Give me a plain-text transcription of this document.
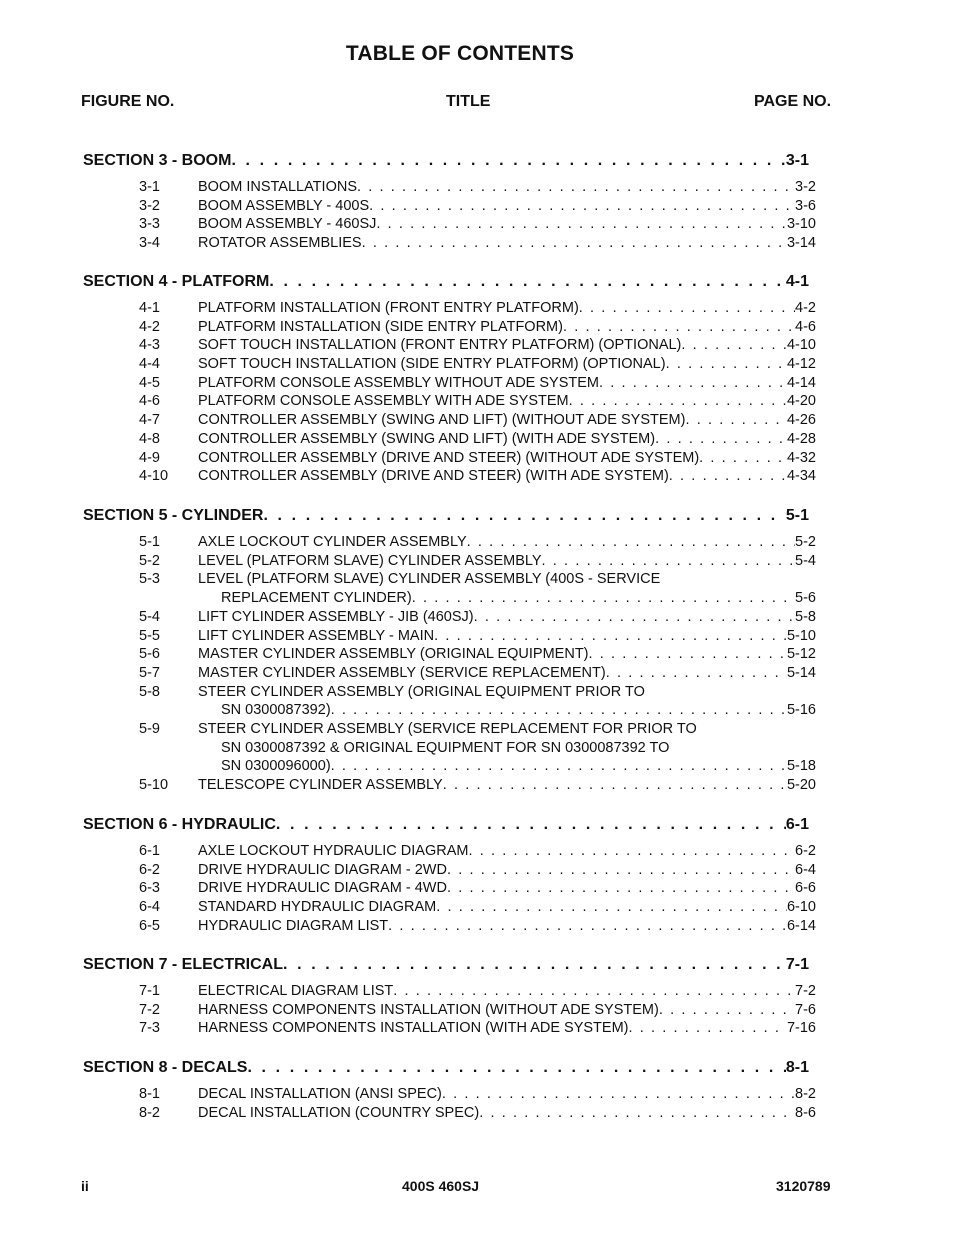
TABLE OF CONTENTS
FIGURE NO.	TITLE	PAGE NO.
SECTION 3 - BOOM . . .	3-1
3-1	BOOM INSTALLATIONS . . .	3-2
3-2	BOOM ASSEMBLY - 400S . . .	3-6
3-3	BOOM ASSEMBLY - 460SJ . . .	3-10
3-4	ROTATOR ASSEMBLIES . . .	3-14
SECTION 4 - PLATFORM . . .	4-1
4-1	PLATFORM INSTALLATION (FRONT ENTRY PLATFORM) . . .	4-2
4-2	PLATFORM INSTALLATION (SIDE ENTRY PLATFORM) . . .	4-6
4-3	SOFT TOUCH INSTALLATION (FRONT ENTRY PLATFORM) (OPTIONAL) . . .	4-10
4-4	SOFT TOUCH INSTALLATION (SIDE ENTRY PLATFORM) (OPTIONAL) . . .	4-12
4-5	PLATFORM CONSOLE ASSEMBLY WITHOUT ADE SYSTEM . . .	4-14
4-6	PLATFORM CONSOLE ASSEMBLY WITH ADE SYSTEM . . .	4-20
4-7	CONTROLLER ASSEMBLY (SWING AND LIFT) (WITHOUT ADE SYSTEM) . . .	4-26
4-8	CONTROLLER ASSEMBLY (SWING AND LIFT) (WITH ADE SYSTEM) . . .	4-28
4-9	CONTROLLER ASSEMBLY (DRIVE AND STEER) (WITHOUT ADE SYSTEM) . . .	4-32
4-10 CONTROLLER ASSEMBLY (DRIVE AND STEER) (WITH ADE SYSTEM) . . .	4-34
SECTION 5 - CYLINDER . . .	5-1
5-1	AXLE LOCKOUT CYLINDER ASSEMBLY . . .	5-2
5-2	LEVEL (PLATFORM SLAVE) CYLINDER ASSEMBLY . . .	5-4
5-3	LEVEL (PLATFORM SLAVE) CYLINDER ASSEMBLY (400S - SERVICE
REPLACEMENT CYLINDER) . . .	5-6
5-4	LIFT CYLINDER ASSEMBLY - JIB (460SJ) . . .	5-8
5-5	LIFT CYLINDER ASSEMBLY - MAIN . . .	5-10
5-6	MASTER CYLINDER ASSEMBLY (ORIGINAL EQUIPMENT) . . .	5-12
5-7	MASTER CYLINDER ASSEMBLY (SERVICE REPLACEMENT) . . .	5-14
5-8	STEER CYLINDER ASSEMBLY (ORIGINAL EQUIPMENT PRIOR TO
SN 0300087392) . . .	5-16
5-9	STEER CYLINDER ASSEMBLY (SERVICE REPLACEMENT FOR PRIOR TO
SN 0300087392 & ORIGINAL EQUIPMENT FOR SN 0300087392 TO
SN 0300096000) . . .	5-18
5-10 TELESCOPE CYLINDER ASSEMBLY . . .	5-20
SECTION 6 - HYDRAULIC . . .	6-1
6-1	AXLE LOCKOUT HYDRAULIC DIAGRAM . . .	6-2
6-2	DRIVE HYDRAULIC DIAGRAM - 2WD . . .	6-4
6-3	DRIVE HYDRAULIC DIAGRAM - 4WD . . .	6-6
6-4	STANDARD HYDRAULIC DIAGRAM . . .	6-10
6-5	HYDRAULIC DIAGRAM LIST . . .	6-14
SECTION 7 - ELECTRICAL . . .	7-1
7-1	ELECTRICAL DIAGRAM LIST . . .	7-2
7-2	HARNESS COMPONENTS INSTALLATION (WITHOUT ADE SYSTEM) . . .	7-6
7-3	HARNESS COMPONENTS INSTALLATION (WITH ADE SYSTEM) . . .	7-16
SECTION 8 - DECALS . . .	8-1
8-1	DECAL INSTALLATION (ANSI SPEC) . . .	8-2
8-2	DECAL INSTALLATION (COUNTRY SPEC) . . .	8-6
ii	400S 460SJ	3120789
